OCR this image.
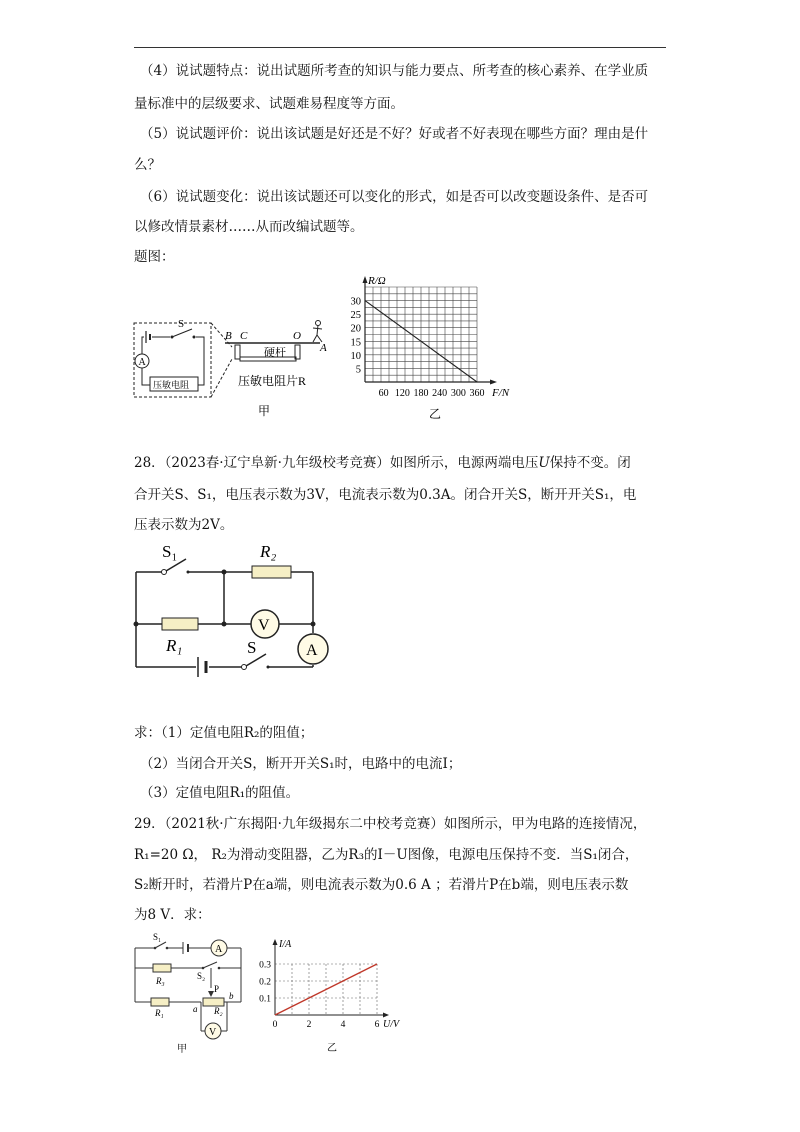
（4）说试题特点：说出试题所考查的知识与能力要点、所考查的核心素养、在学业质
量标准中的层级要求、试题难易程度等方面。
（5）说试题评价：说出该试题是好还是不好？好或者不好表现在哪些方面？理由是什
么？
（6）说试题变化：说出该试题还可以变化的形式，如是否可以改变题设条件、是否可
以修改情景素材……从而改编试题等。
题图：
S
A
压敏电阻
硬杆
B C	O
A
压敏电阻片R
甲
R/Ω
F/N
30
25
20
15
10
5
60 120 180 240 300 360
乙
28．（2023春·辽宁阜新·九年级校考竞赛）如图所示，电源两端电压U保持不变。闭
合开关S、S₁，电压表示数为3V，电流表示数为0.3A。闭合开关S，断开开关S₁，电
压表示数为2V。
S₁	R₂
R₁
V
A
S
求：（1）定值电阻R₂的阻值；
（2）当闭合开关S，断开开关S₁时，电路中的电流I；
（3）定值电阻R₁的阻值。
29．（2021秋·广东揭阳·九年级揭东二中校考竞赛）如图所示，甲为电路的连接情况，
R₁=20 Ω， R₂为滑动变阻器，乙为R₃的I－U图像，电源电压保持不变．当S₁闭合，
S₂断开时，若滑片P在a端，则电流表示数为0.6 A ；若滑片P在b端，则电压表示数
为8 V．求：
S₁
A
R₃	S₂
R₁	R₂
P
a
b
V
甲
I/A
U/V
0.3
0.2
0.1
0	2	4	6
乙
